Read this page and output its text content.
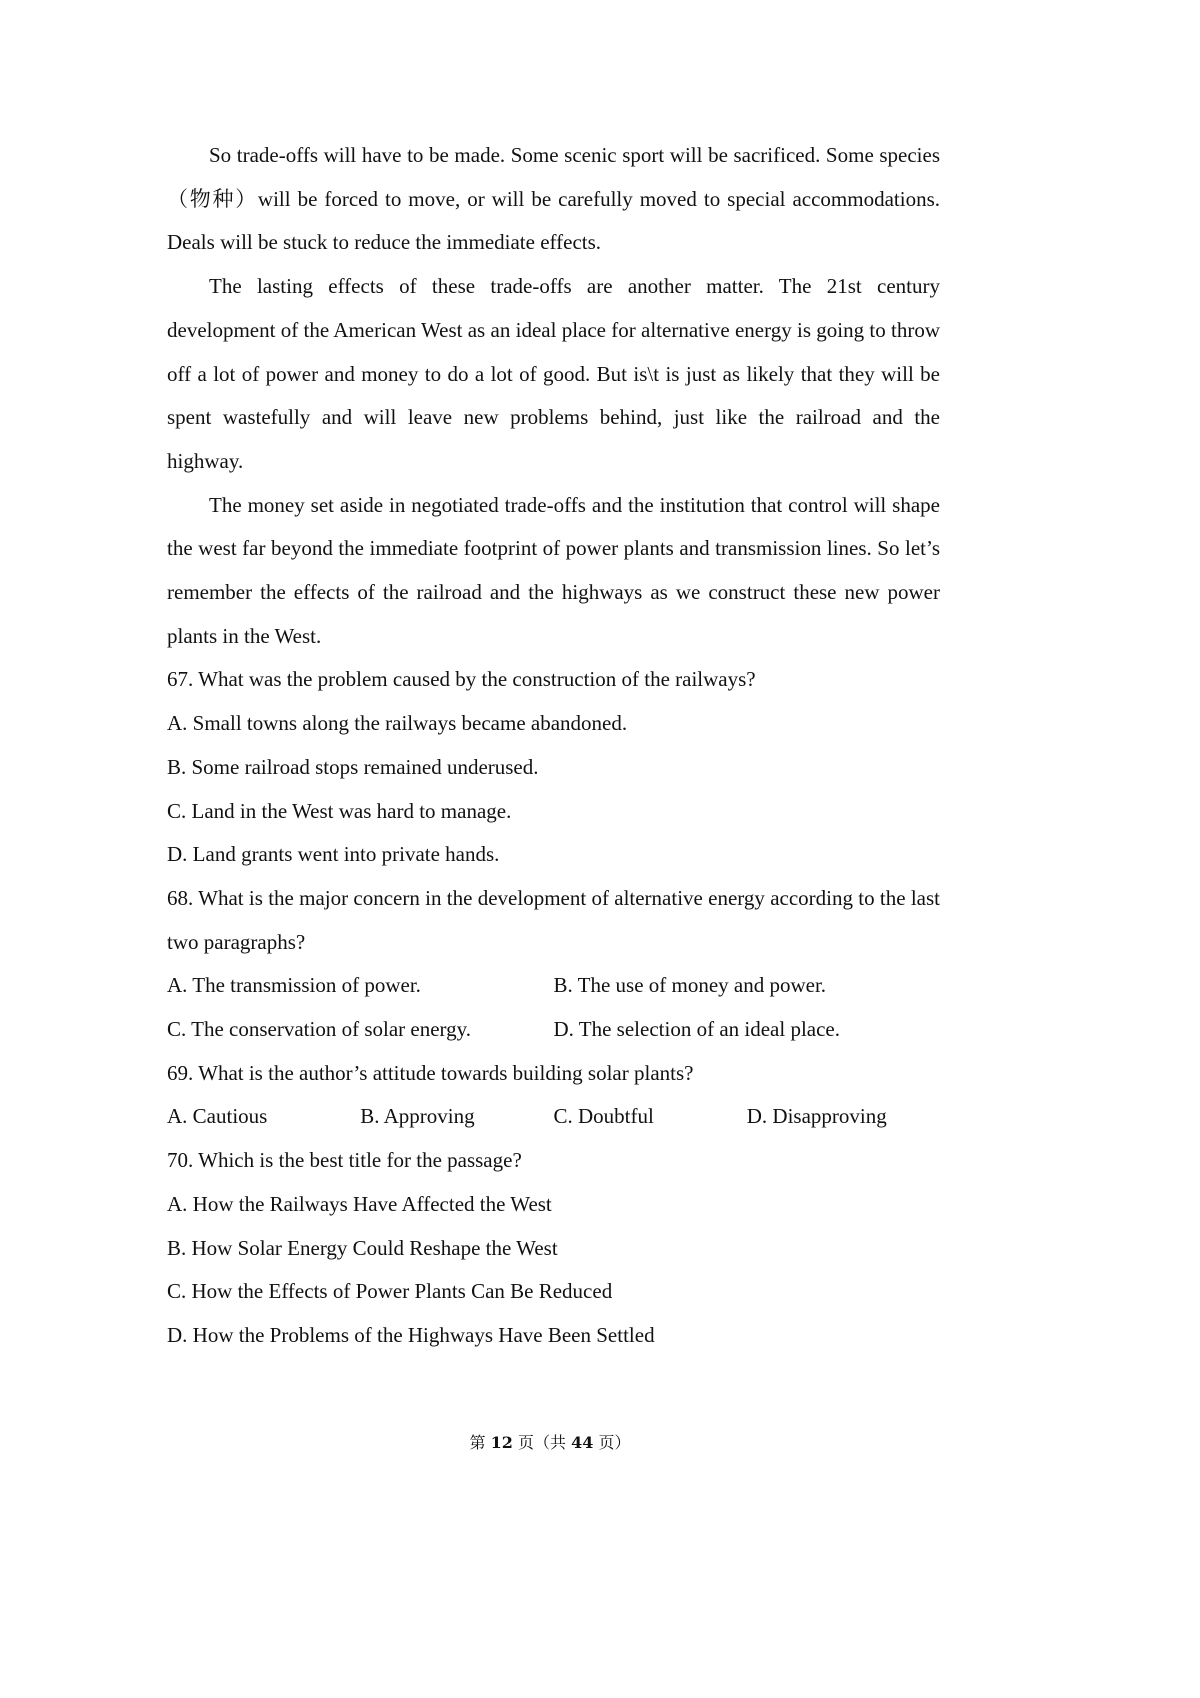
So trade-offs will have to be made. Some scenic sport will be sacrificed. Some species（物种）will be forced to move, or will be carefully moved to special accommodations. Deals will be stuck to reduce the immediate effects.

The lasting effects of these trade-offs are another matter. The 21st century development of the American West as an ideal place for alternative energy is going to throw off a lot of power and money to do a lot of good. But is\t is just as likely that they will be spent wastefully and will leave new problems behind, just like the railroad and the highway.

The money set aside in negotiated trade-offs and the institution that control will shape the west far beyond the immediate footprint of power plants and transmission lines. So let’s remember the effects of the railroad and the highways as we construct these new power plants in the West.

67. What was the problem caused by the construction of the railways?

A. Small towns along the railways became abandoned.

B. Some railroad stops remained underused.

C. Land in the West was hard to manage.

D. Land grants went into private hands.

68. What is the major concern in the development of alternative energy according to the last two paragraphs?

A. The transmission of power.	B. The use of money and power.
C. The conservation of solar energy.	D. The selection of an ideal place.

69. What is the author’s attitude towards building solar plants?

A. Cautious	B. Approving	C. Doubtful	D. Disapproving

70. Which is the best title for the passage?

A. How the Railways Have Affected the West

B. How Solar Energy Could Reshape the West

C. How the Effects of Power Plants Can Be Reduced

D. How the Problems of the Highways Have Been Settled

第 12 页（共 44 页）
